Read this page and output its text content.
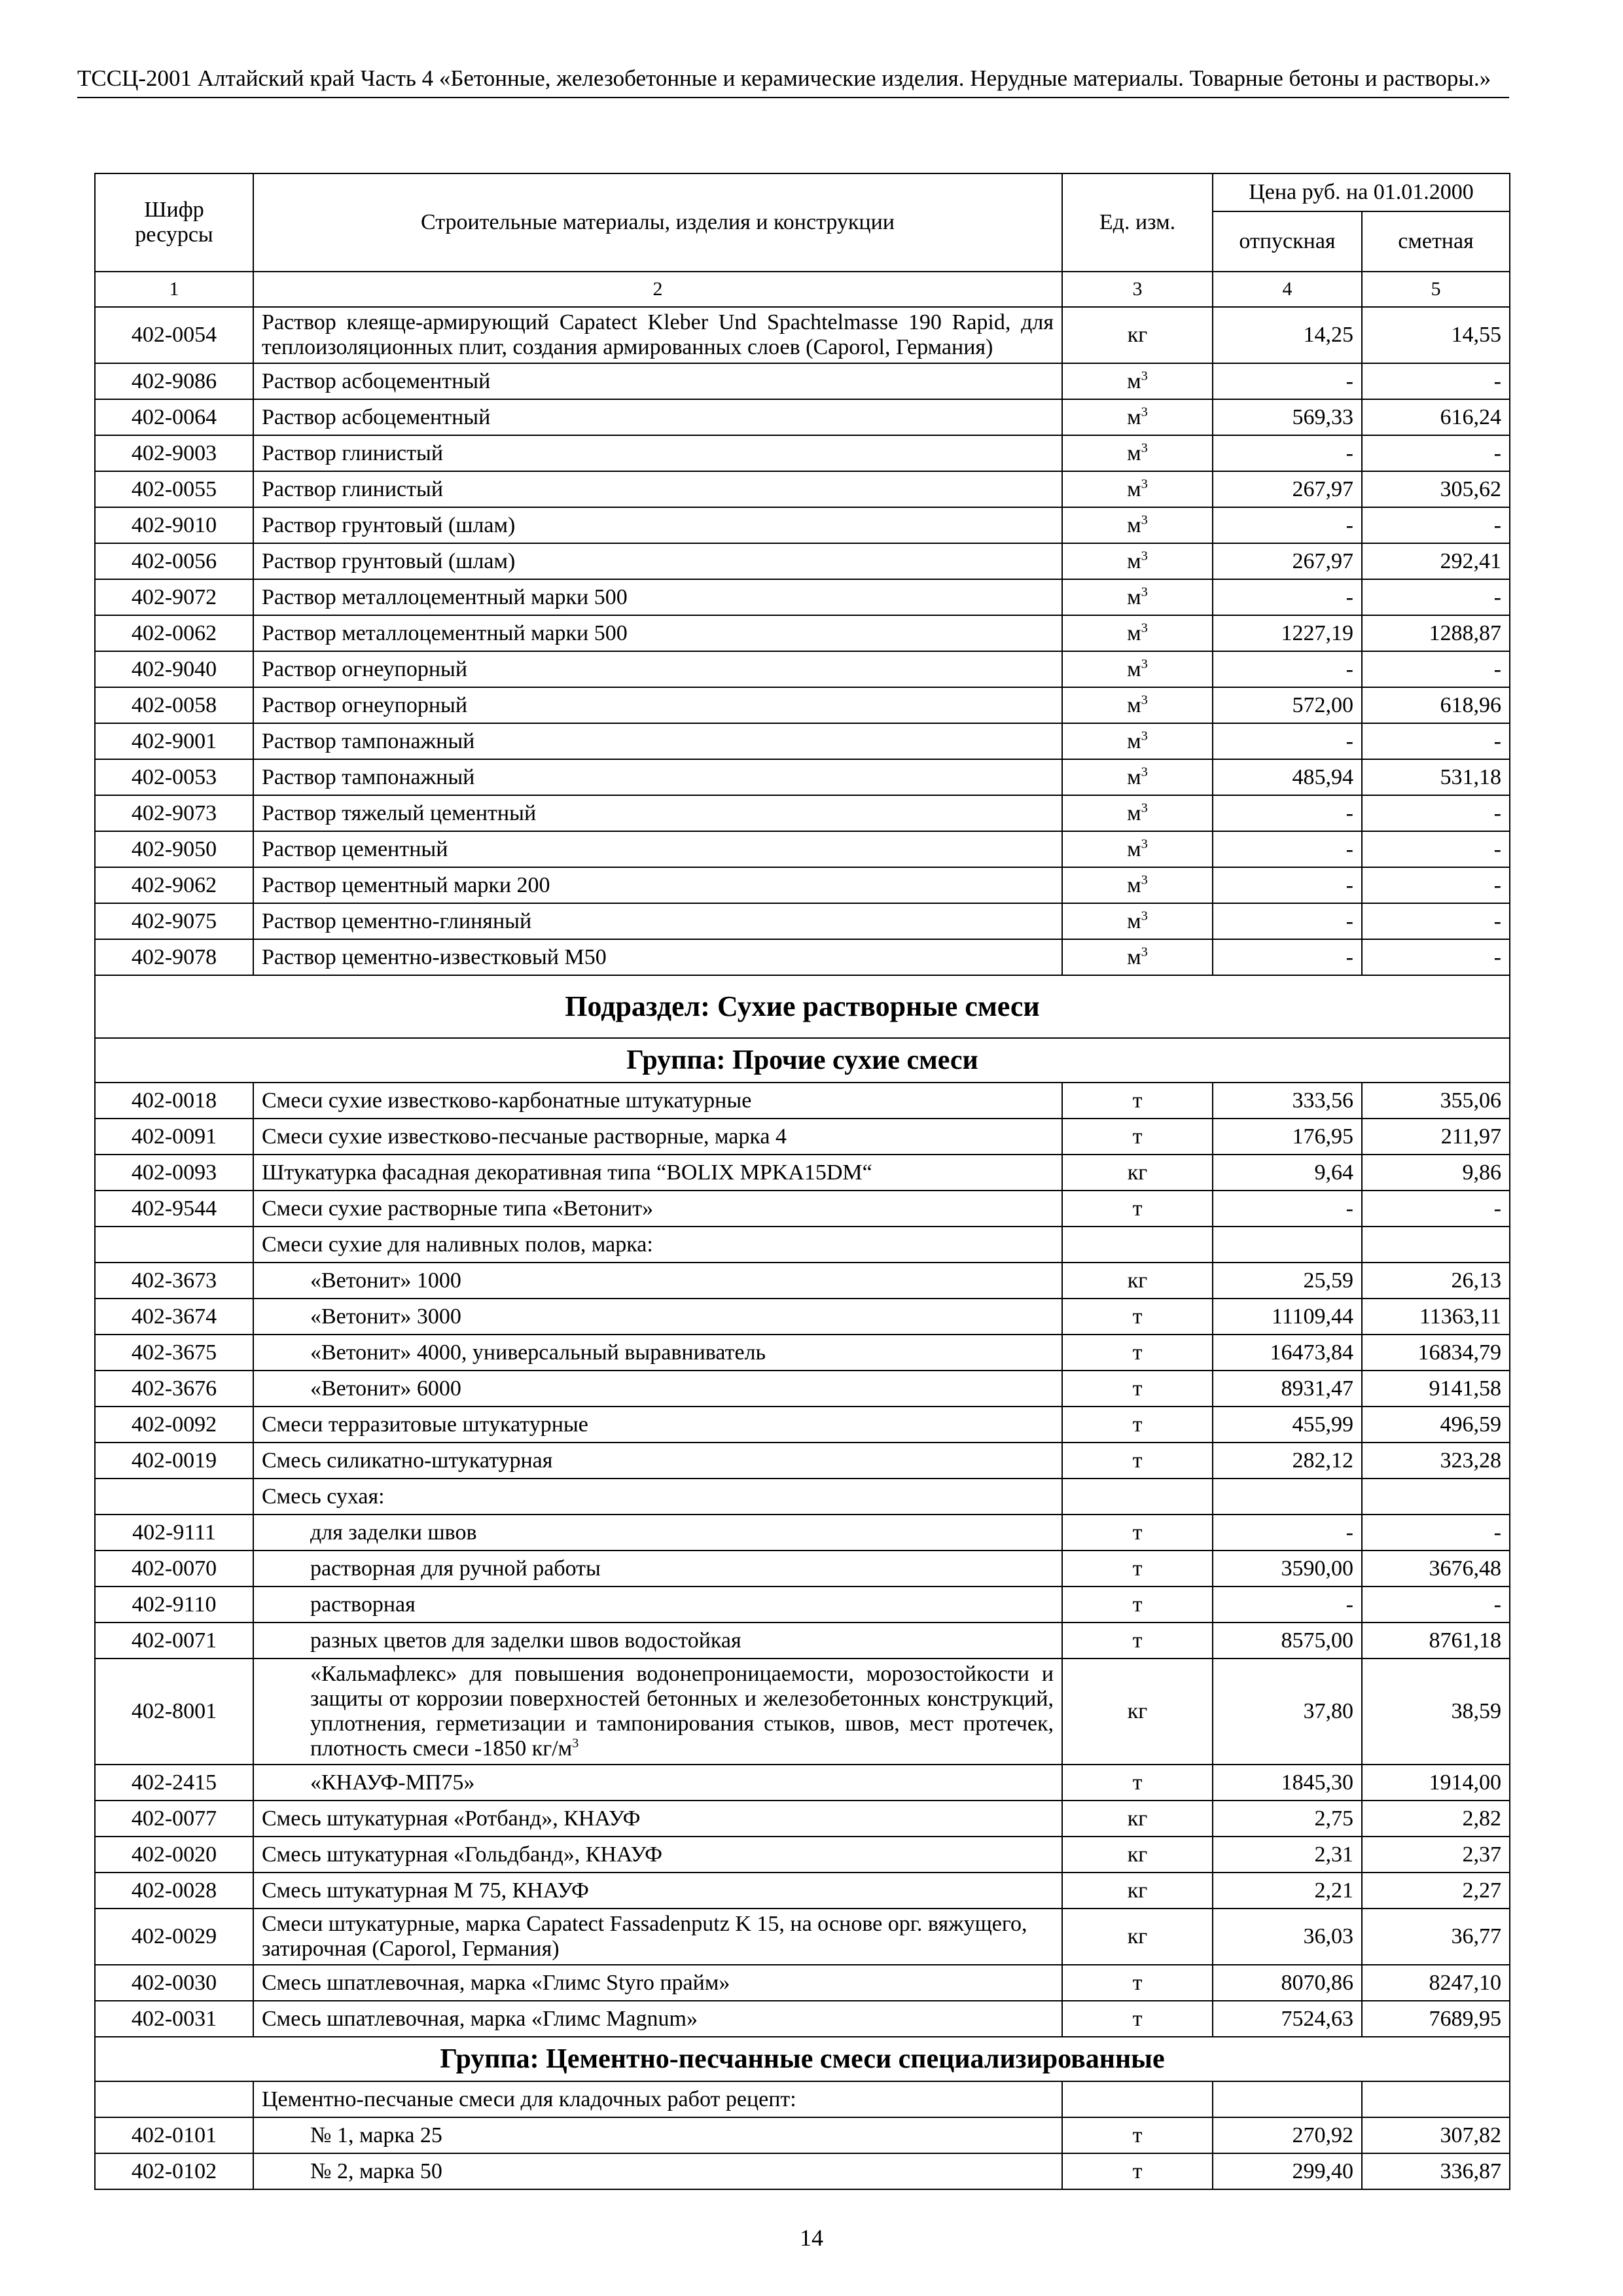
ТССЦ-2001 Алтайский край Часть 4 «Бетонные, железобетонные и керамические изделия. Нерудные материалы. Товарные бетоны и растворы.»
Шифр ресурсы	Строительные материалы, изделия и конструкции	Ед. изм.	Цена руб. на 01.01.2000	
			отпускная	сметная
1	2	3	4	5
402-0054	Раствор клеяще-армирующий Capatect Kleber Und Spachtelmasse 190 Rapid, для теплоизоляционных плит, создания армированных слоев (Caporol, Германия)	кг	14,25	14,55
402-9086	Раствор асбоцементный	$м^3$	-	-
402-0064	Раствор асбоцементный	$м^3$	569,33	616,24
402-9003	Раствор глинистый	$м^3$	-	-
402-0055	Раствор глинистый	$м^3$	267,97	305,62
402-9010	Раствор грунтовый (шлам)	$м^3$	-	-
402-0056	Раствор грунтовый (шлам)	$м^3$	267,97	292,41
402-9072	Раствор металлоцементный марки 500	$м^3$	-	-
402-0062	Раствор металлоцементный марки 500	$м^3$	1227,19	1288,87
402-9040	Раствор огнеупорный	$м^3$	-	-
402-0058	Раствор огнеупорный	$м^3$	572,00	618,96
402-9001	Раствор тампонажный	$м^3$	-	-
402-0053	Раствор тампонажный	$м^3$	485,94	531,18
402-9073	Раствор тяжелый цементный	$м^3$	-	-
402-9050	Раствор цементный	$м^3$	-	-
402-9062	Раствор цементный марки 200	$м^3$	-	-
402-9075	Раствор цементно-глиняный	$м^3$	-	-
402-9078	Раствор цементно-известковый М50	$м^3$	-	-
Подраздел: Сухие растворные смеси				
Группа: Прочие сухие смеси				
402-0018	Смеси сухие известково-карбонатные штукатурные	т	333,56	355,06
402-0091	Смеси сухие известково-песчаные растворные, марка 4	т	176,95	211,97
402-0093	Штукатурка фасадная декоративная типа “BOLIX MPKA15DM“	кг	9,64	9,86
402-9544	Смеси сухие растворные типа «Ветонит»	т	-	-
	Смеси сухие для наливных полов, марка:			
402-3673	«Ветонит» 1000	кг	25,59	26,13
402-3674	«Ветонит» 3000	т	11109,44	11363,11
402-3675	«Ветонит» 4000, универсальный выравниватель	т	16473,84	16834,79
402-3676	«Ветонит» 6000	т	8931,47	9141,58
402-0092	Смеси терразитовые штукатурные	т	455,99	496,59
402-0019	Смесь силикатно-штукатурная	т	282,12	323,28
	Смесь сухая:			
402-9111	для заделки швов	т	-	-
402-0070	растворная для ручной работы	т	3590,00	3676,48
402-9110	растворная	т	-	-
402-0071	разных цветов для заделки швов водостойкая	т	8575,00	8761,18
402-8001	«Кальмафлекс» для повышения водонепроницаемости, морозостойкости и защиты от коррозии поверхностей бетонных и железобетонных конструкций, уплотнения, герметизации и тампонирования стыков, швов, мест протечек, плотность смеси -1850 $кг/м^3$	кг	37,80	38,59
402-2415	«КНАУФ-МП75»	т	1845,30	1914,00
402-0077	Смесь штукатурная «Ротбанд», КНАУФ	кг	2,75	2,82
402-0020	Смесь штукатурная «Гольдбанд», КНАУФ	кг	2,31	2,37
402-0028	Смесь штукатурная М 75, КНАУФ	кг	2,21	2,27
402-0029	Смеси штукатурные, марка Capatect Fassadenputz K 15, на основе орг. вяжущего, затирочная (Caporol, Германия)	кг	36,03	36,77
402-0030	Смесь шпатлевочная, марка «Глимс Styro прайм»	т	8070,86	8247,10
402-0031	Смесь шпатлевочная, марка «Глимс Magnum»	т	7524,63	7689,95
Группа: Цементно-песчанные смеси специализированные				
	Цементно-песчаные смеси для кладочных работ рецепт:			
402-0101	№ 1, марка 25	т	270,92	307,82
402-0102	№ 2, марка 50	т	299,40	336,87
14
